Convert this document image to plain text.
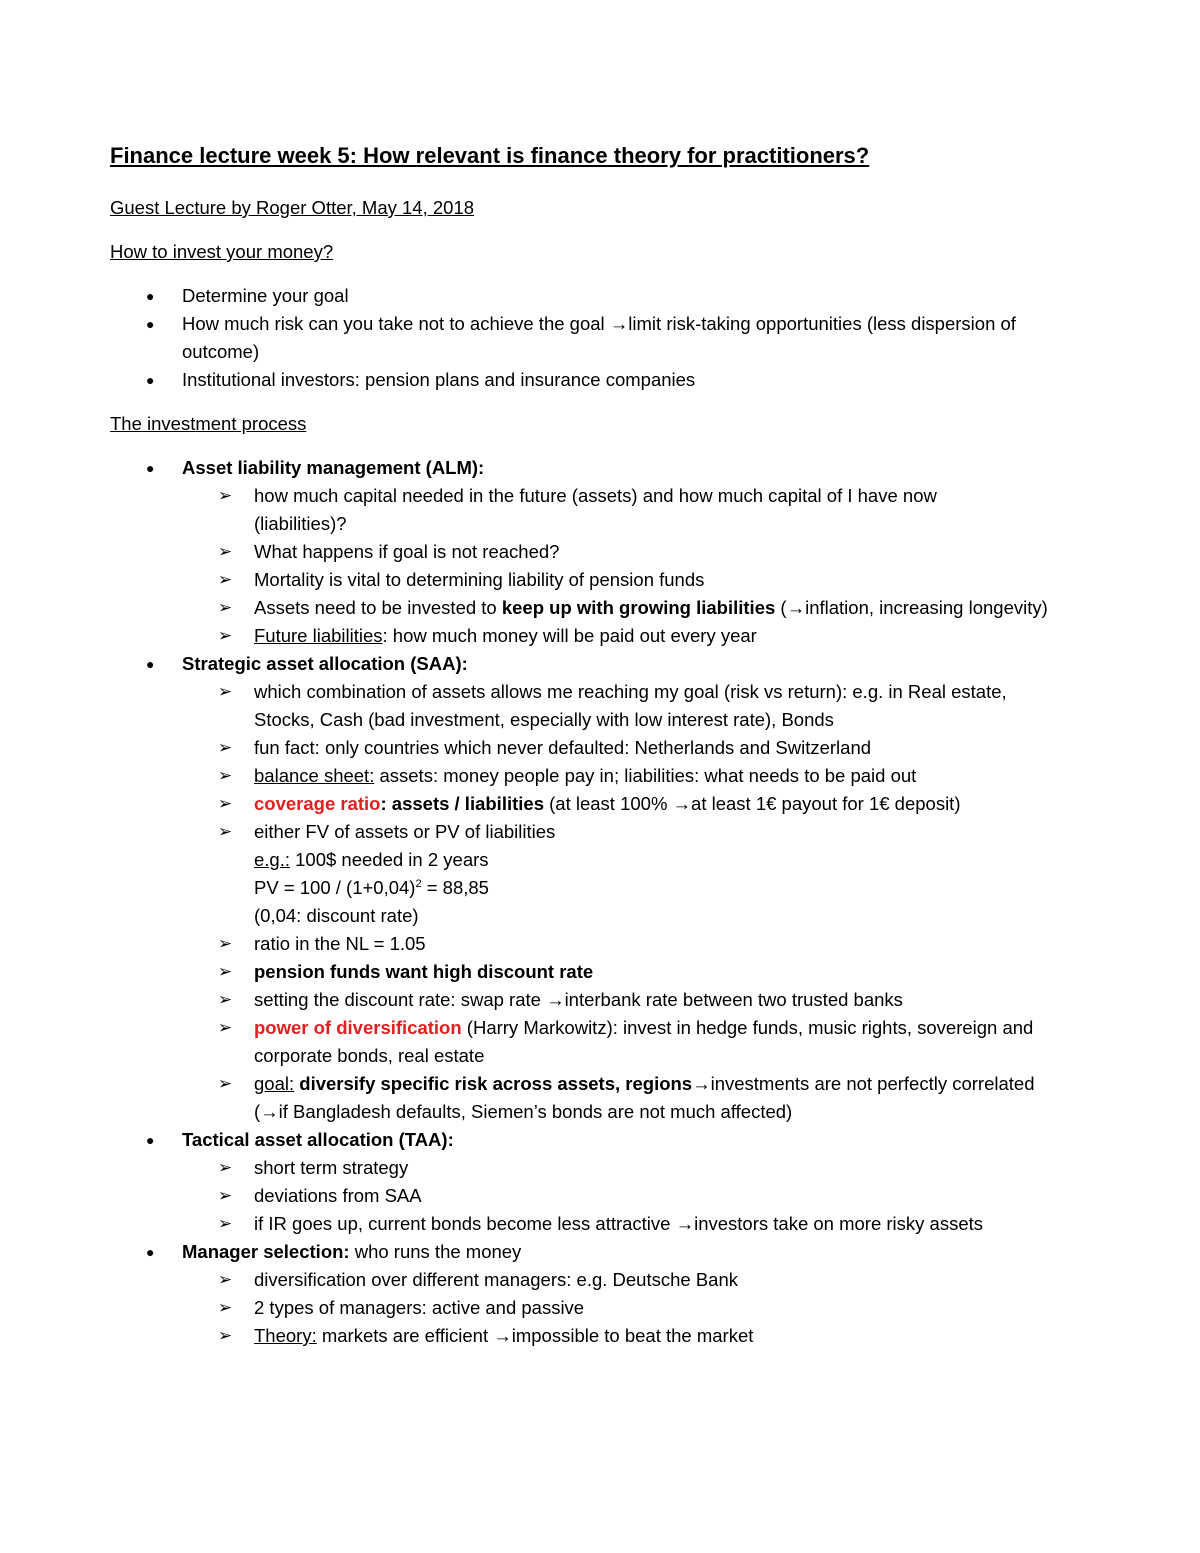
Finance lecture week 5: How relevant is finance theory for practitioners?
Guest Lecture by Roger Otter, May 14, 2018
How to invest your money?
● Determine your goal
● How much risk can you take not to achieve the goal →limit risk-taking opportunities (less dispersion of
outcome)
● Institutional investors: pension plans and insurance companies
The investment process
● Asset liability management (ALM):
➢ how much capital needed in the future (assets) and how much capital of I have now
(liabilities)?
➢ What happens if goal is not reached?
➢ Mortality is vital to determining liability of pension funds
➢ Assets need to be invested to keep up with growing liabilities (→inflation, increasing longevity)
➢ Future liabilities: how much money will be paid out every year
● Strategic asset allocation (SAA):
➢ which combination of assets allows me reaching my goal (risk vs return): e.g. in Real estate,
Stocks, Cash (bad investment, especially with low interest rate), Bonds
➢ fun fact: only countries which never defaulted: Netherlands and Switzerland
➢ balance sheet: assets: money people pay in; liabilities: what needs to be paid out
➢ coverage ratio: assets / liabilities (at least 100% →at least 1€ payout for 1€ deposit)
➢ either FV of assets or PV of liabilities
e.g.: 100$ needed in 2 years
PV = $100 / (1+0,04)^2 = 88,85$
(0,04: discount rate)
➢ ratio in the NL = 1.05
➢ pension funds want high discount rate
➢ setting the discount rate: swap rate →interbank rate between two trusted banks
➢ power of diversification (Harry Markowitz): invest in hedge funds, music rights, sovereign and
corporate bonds, real estate
➢ goal: diversify specific risk across assets, regions→investments are not perfectly correlated
(→if Bangladesh defaults, Siemen’s bonds are not much affected)
● Tactical asset allocation (TAA):
➢ short term strategy
➢ deviations from SAA
➢ if IR goes up, current bonds become less attractive →investors take on more risky assets
● Manager selection: who runs the money
➢ diversification over different managers: e.g. Deutsche Bank
➢ 2 types of managers: active and passive
➢ Theory: markets are efficient →impossible to beat the market
